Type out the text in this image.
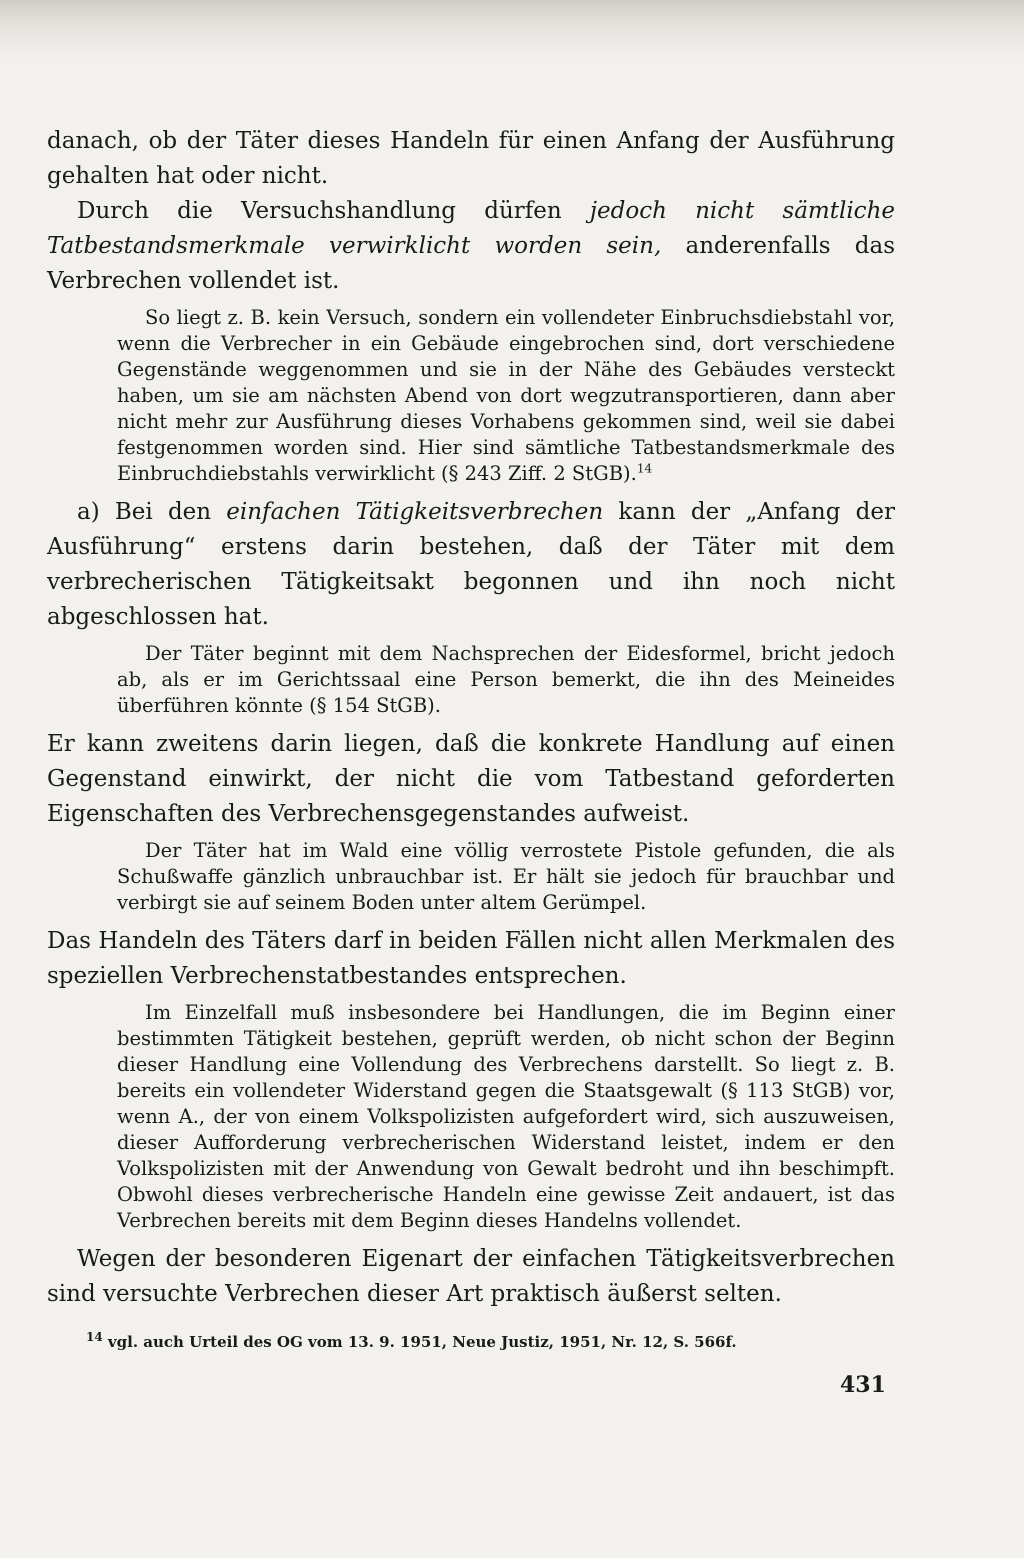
danach, ob der Täter dieses Handeln für einen Anfang der Ausführung gehalten hat oder nicht.

Durch die Versuchshandlung dürfen jedoch nicht sämtliche Tatbestandsmerkmale verwirklicht worden sein, anderenfalls das Verbrechen vollendet ist.

So liegt z. B. kein Versuch, sondern ein vollendeter Einbruchsdiebstahl vor, wenn die Verbrecher in ein Gebäude eingebrochen sind, dort verschiedene Gegenstände weggenommen und sie in der Nähe des Gebäudes versteckt haben, um sie am nächsten Abend von dort wegzutransportieren, dann aber nicht mehr zur Ausführung dieses Vorhabens gekommen sind, weil sie dabei festgenommen worden sind. Hier sind sämtliche Tatbestandsmerkmale des Einbruchdiebstahls verwirklicht (§ 243 Ziff. 2 StGB).$^{14}$

a) Bei den einfachen Tätigkeitsverbrechen kann der „Anfang der Ausführung“ erstens darin bestehen, daß der Täter mit dem verbrecherischen Tätigkeitsakt begonnen und ihn noch nicht abgeschlossen hat.

Der Täter beginnt mit dem Nachsprechen der Eidesformel, bricht jedoch ab, als er im Gerichtssaal eine Person bemerkt, die ihn des Meineides überführen könnte (§ 154 StGB).

Er kann zweitens darin liegen, daß die konkrete Handlung auf einen Gegenstand einwirkt, der nicht die vom Tatbestand geforderten Eigenschaften des Verbrechensgegenstandes aufweist.

Der Täter hat im Wald eine völlig verrostete Pistole gefunden, die als Schußwaffe gänzlich unbrauchbar ist. Er hält sie jedoch für brauchbar und verbirgt sie auf seinem Boden unter altem Gerümpel.

Das Handeln des Täters darf in beiden Fällen nicht allen Merkmalen des speziellen Verbrechenstatbestandes entsprechen.

Im Einzelfall muß insbesondere bei Handlungen, die im Beginn einer bestimmten Tätigkeit bestehen, geprüft werden, ob nicht schon der Beginn dieser Handlung eine Vollendung des Verbrechens darstellt. So liegt z. B. bereits ein vollendeter Widerstand gegen die Staatsgewalt (§ 113 StGB) vor, wenn A., der von einem Volkspolizisten aufgefordert wird, sich auszuweisen, dieser Aufforderung verbrecherischen Widerstand leistet, indem er den Volkspolizisten mit der Anwendung von Gewalt bedroht und ihn beschimpft. Obwohl dieses verbrecherische Handeln eine gewisse Zeit andauert, ist das Verbrechen bereits mit dem Beginn dieses Handelns vollendet.

Wegen der besonderen Eigenart der einfachen Tätigkeitsverbrechen sind versuchte Verbrechen dieser Art praktisch äußerst selten.

$^{14}$ vgl. auch Urteil des OG vom 13. 9. 1951, Neue Justiz, 1951, Nr. 12, S. 566f.
431
